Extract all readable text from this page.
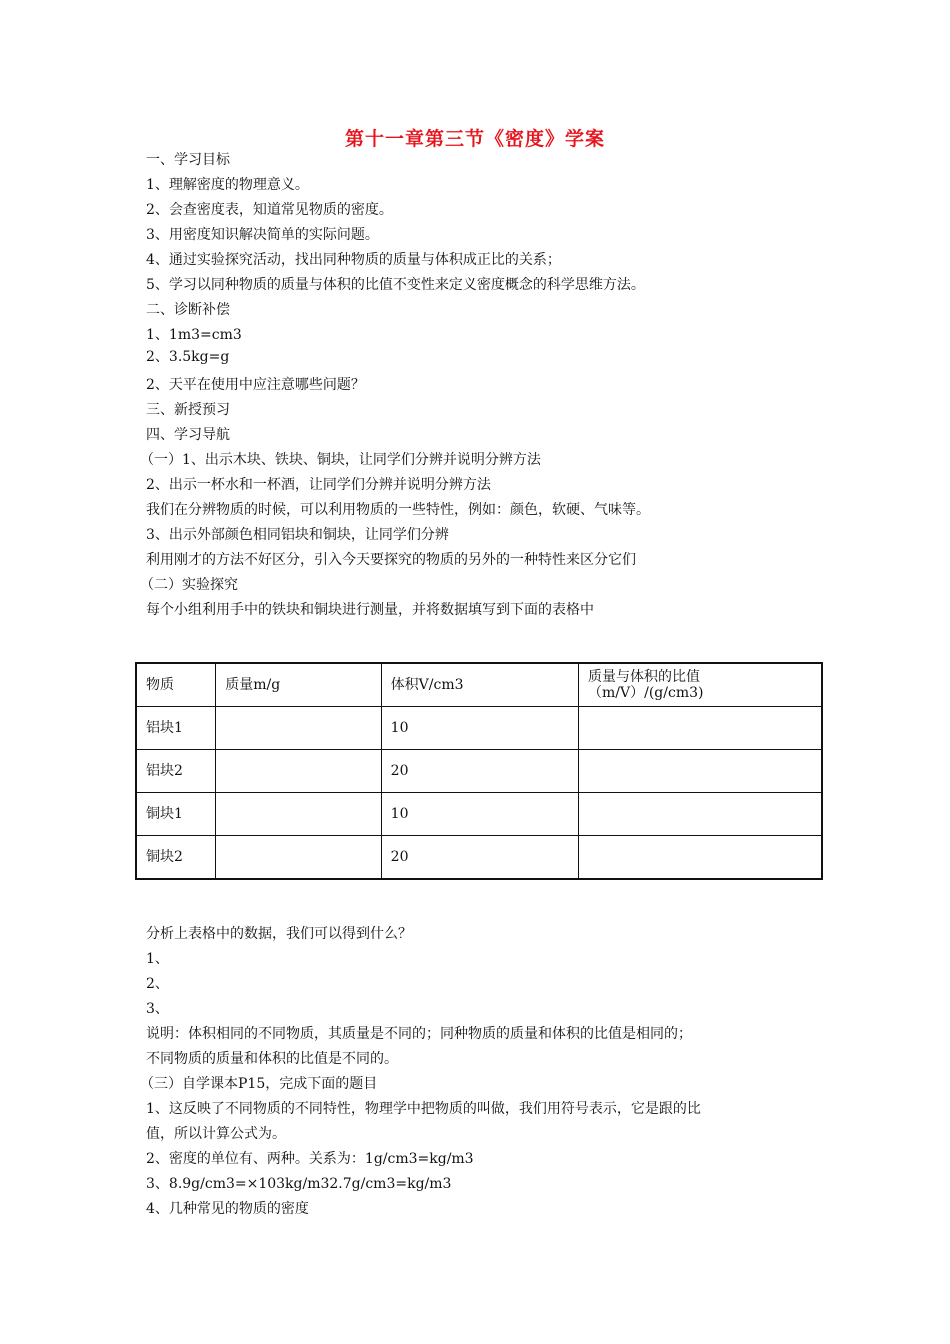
第十一章第三节《密度》学案
一、学习目标
1、理解密度的物理意义。
2、会查密度表，知道常见物质的密度。
3、用密度知识解决简单的实际问题。
4、通过实验探究活动，找出同种物质的质量与体积成正比的关系；
5、学习以同种物质的质量与体积的比值不变性来定义密度概念的科学思维方法。
二、诊断补偿
1、1m3=cm3
2、3.5kg=g
2、天平在使用中应注意哪些问题？
三、新授预习
四、学习导航
（一）1、出示木块、铁块、铜块，让同学们分辨并说明分辨方法
2、出示一杯水和一杯酒，让同学们分辨并说明分辨方法
我们在分辨物质的时候，可以利用物质的一些特性，例如：颜色，软硬、气味等。
3、出示外部颜色相同铝块和铜块，让同学们分辨
利用刚才的方法不好区分，引入今天要探究的物质的另外的一种特性来区分它们
（二）实验探究
每个小组利用手中的铁块和铜块进行测量，并将数据填写到下面的表格中
物质	质量m/g	体积V/cm3	质量与体积的比值（m/V）/(g/cm3)
铝块1		10	
铝块2		20	
铜块1		10	
铜块2		20	
分析上表格中的数据，我们可以得到什么？
1、
2、
3、
说明：体积相同的不同物质，其质量是不同的；同种物质的质量和体积的比值是相同的；
不同物质的质量和体积的比值是不同的。
（三）自学课本P15，完成下面的题目
1、这反映了不同物质的不同特性，物理学中把物质的叫做，我们用符号表示，它是跟的比
值，所以计算公式为。
2、密度的单位有、两种。关系为：1g/cm3=kg/m3
3、8.9g/cm3=×103kg/m32.7g/cm3=kg/m3
4、几种常见的物质的密度
